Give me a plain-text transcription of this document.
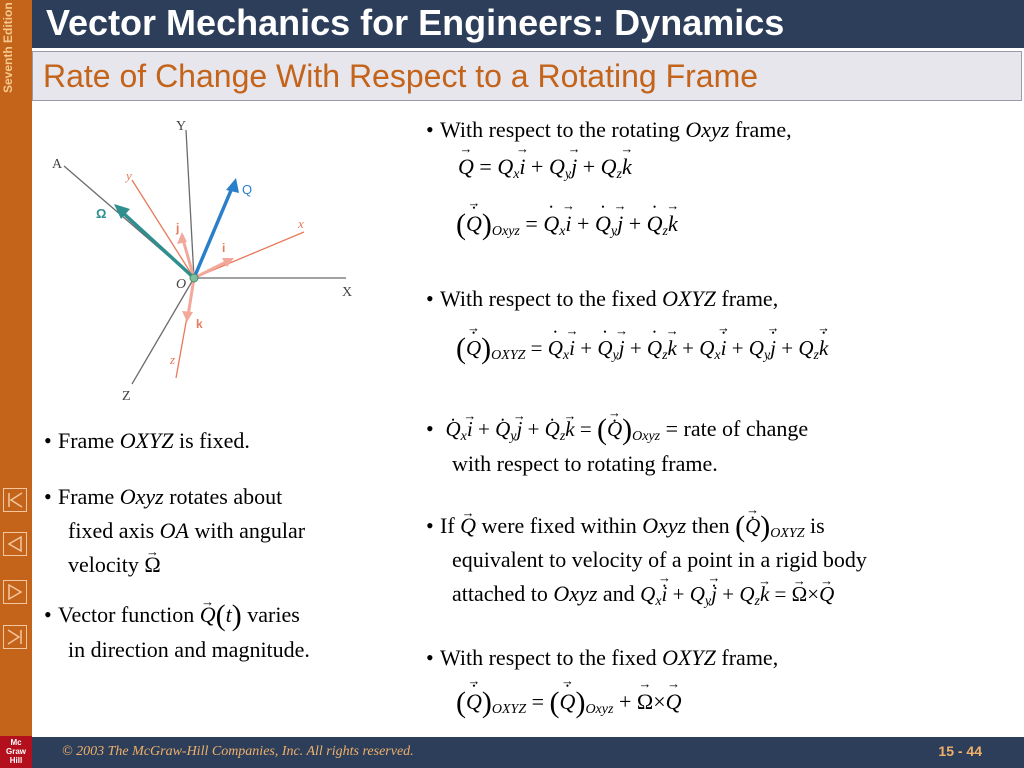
Seventh Edition
Mc
Graw
Hill
Vector Mechanics for Engineers: Dynamics
Rate of Change With Respect to a Rotating Frame
Y
A
X
Z
O
y
x
z
j
i
k
Ω
Q
• Frame OXYZ is fixed.
• Frame Oxyz rotates about
fixed axis OA with angular
velocity → Ω
• Vector function → Q(t) varies
in direction and magnitude.
• With respect to the rotating Oxyz frame,
→ $Q = Q_x\to i + Q_y\to j + Q_z\to k$
(→ Q $•)_{Oxyz}$ = • $Q_x\to i$ + • $Q_y\to j$ + • $Q_z\to k$
• With respect to the fixed OXYZ frame,
(→ Q $•)_{OXYZ}$ = • $Q_x\to i$ + • $Q_y\to j$ + • $Q_z\to k + Q_x\to i$ • + $Q_y\to j$ • + $Q_z\to k$ •
• • $Q_x\to i$ + • $Q_y\to j$ + • $Q_z\to k$ = (→ Q $•)_{Oxyz}$ = rate of change
with respect to rotating frame.
• If → Q were fixed within Oxyz then (→ Q $•)_{OXYZ}$ is
equivalent to velocity of a point in a rigid body
attached to Oxyz and $Q_x\to i$ • + $Q_y\to j$ • + $Q_z\to k$ = → Ω×→ Q
• With respect to the fixed OXYZ frame,
(→ Q $•)_{OXYZ}$ = (→ Q $•)_{Oxyz}$ + → Ω×→ Q
© 2003 The McGraw-Hill Companies, Inc. All rights reserved.	15 - 44
